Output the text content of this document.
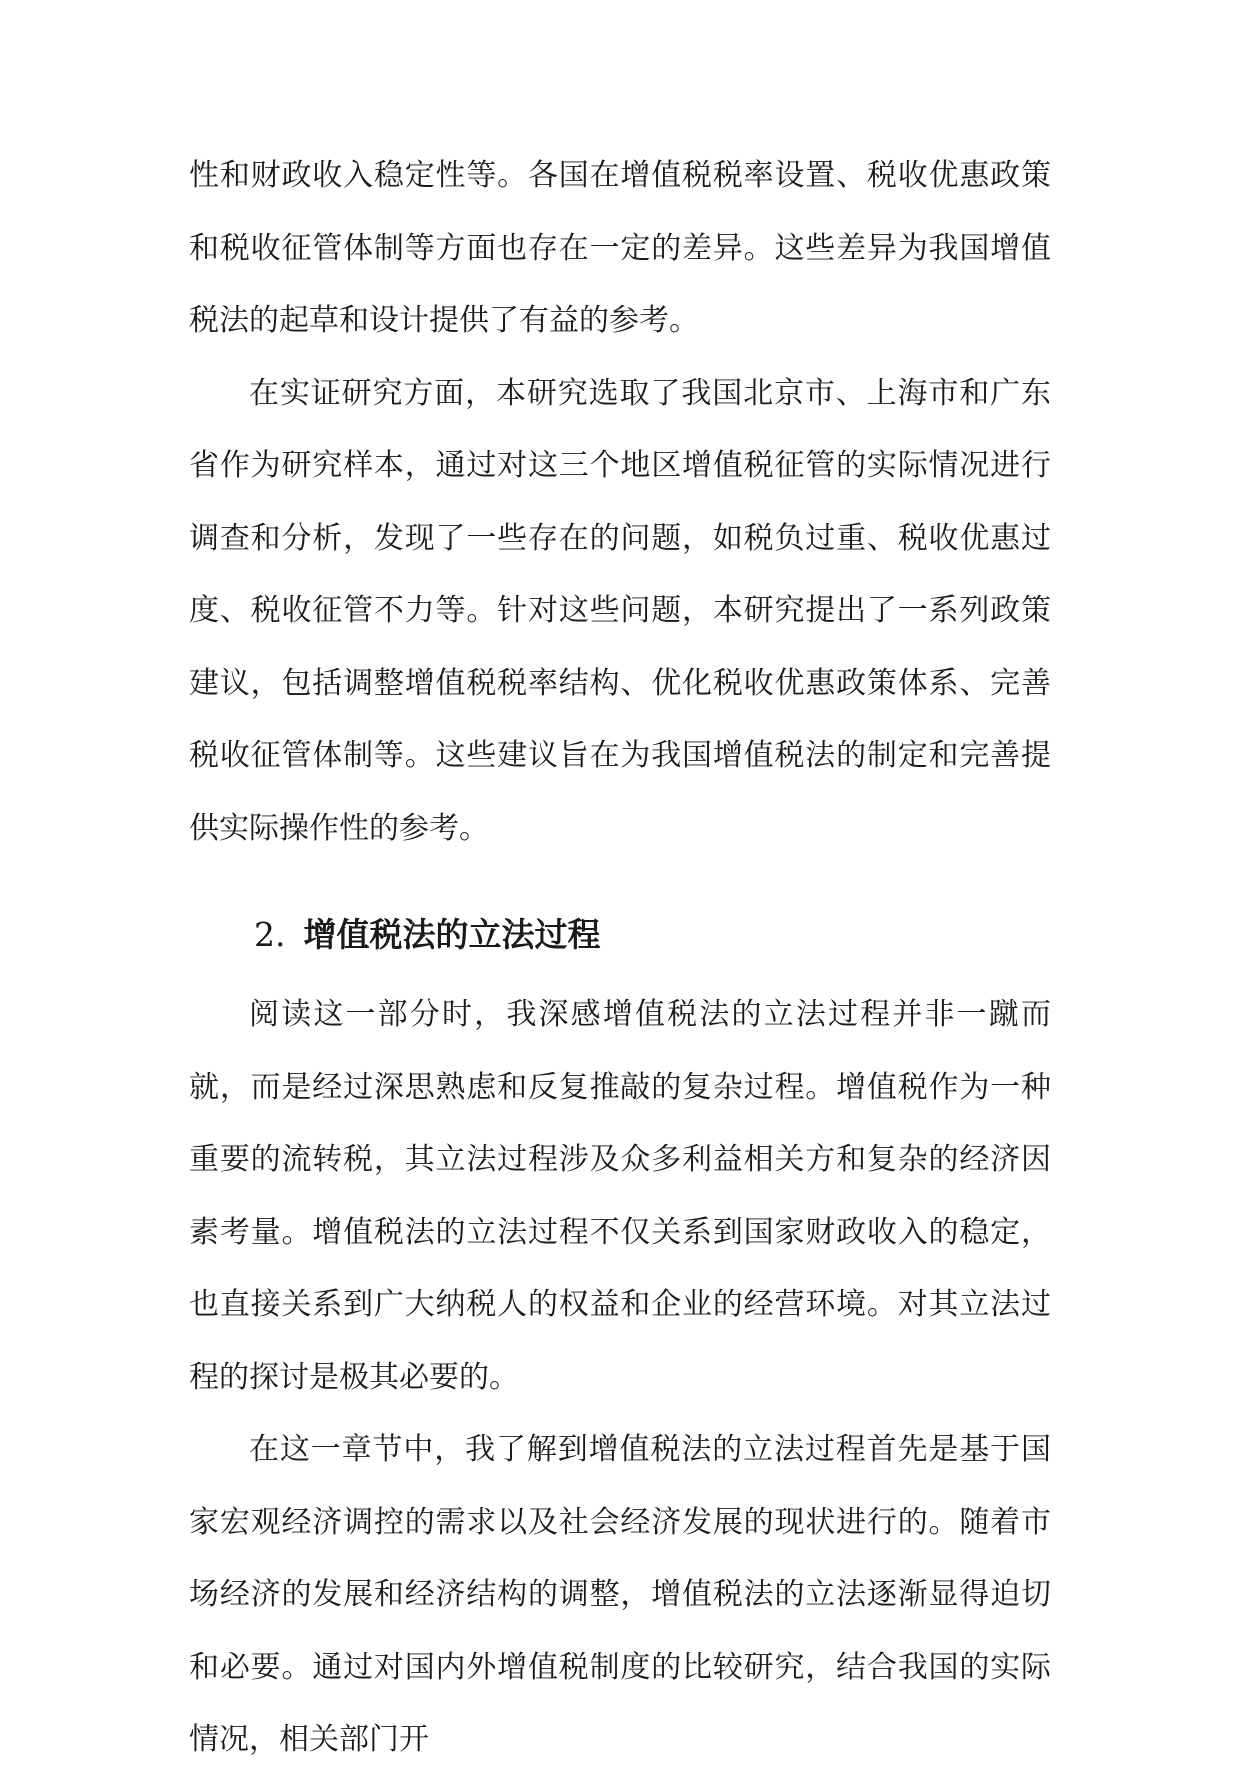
性和财政收入稳定性等。各国在增值税税率设置、税收优惠政策和税收征管体制等方面也存在一定的差异。这些差异为我国增值税法的起草和设计提供了有益的参考。

在实证研究方面，本研究选取了我国北京市、上海市和广东省作为研究样本，通过对这三个地区增值税征管的实际情况进行调查和分析，发现了一些存在的问题，如税负过重、税收优惠过度、税收征管不力等。针对这些问题，本研究提出了一系列政策建议，包括调整增值税税率结构、优化税收优惠政策体系、完善税收征管体制等。这些建议旨在为我国增值税法的制定和完善提供实际操作性的参考。

2. 增值税法的立法过程

阅读这一部分时，我深感增值税法的立法过程并非一蹴而就，而是经过深思熟虑和反复推敲的复杂过程。增值税作为一种重要的流转税，其立法过程涉及众多利益相关方和复杂的经济因素考量。增值税法的立法过程不仅关系到国家财政收入的稳定，也直接关系到广大纳税人的权益和企业的经营环境。对其立法过程的探讨是极其必要的。

在这一章节中，我了解到增值税法的立法过程首先是基于国家宏观经济调控的需求以及社会经济发展的现状进行的。随着市场经济的发展和经济结构的调整，增值税法的立法逐渐显得迫切和必要。通过对国内外增值税制度的比较研究，结合我国的实际情况，相关部门开
